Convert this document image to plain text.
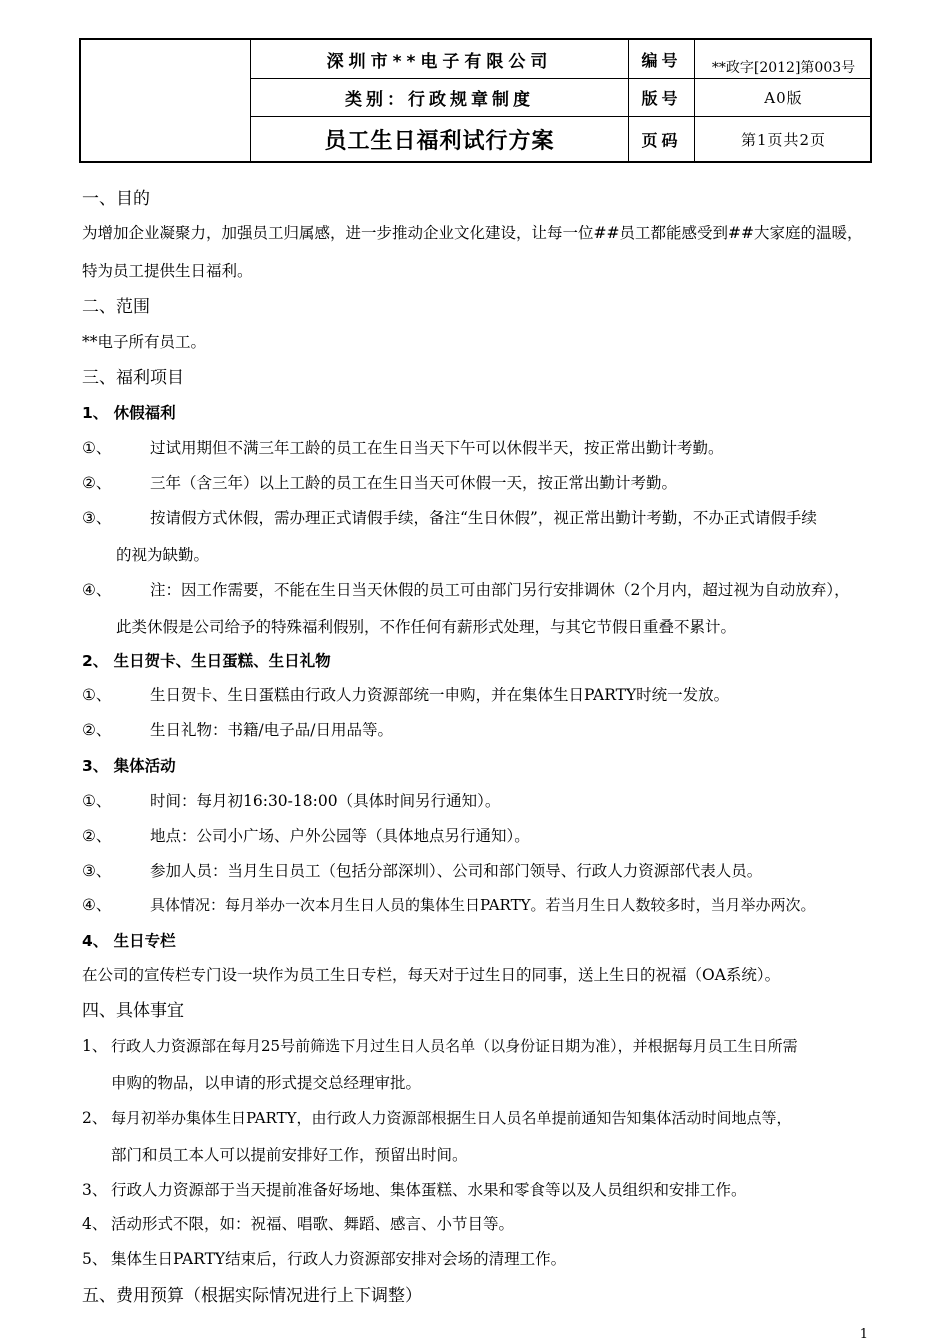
深圳市**电子有限公司
类别：行政规章制度
员工生日福利试行方案
编号
版号
页码
**政字[2012]第003号
A0版
第1页共2页
一、目的
为增加企业凝聚力，加强员工归属感，进一步推动企业文化建设，让每一位##员工都能感受到##大家庭的温暖，
特为员工提供生日福利。
二、范围
**电子所有员工。
三、福利项目
1、 休假福利
①、 过试用期但不满三年工龄的员工在生日当天下午可以休假半天，按正常出勤计考勤。
②、 三年（含三年）以上工龄的员工在生日当天可休假一天，按正常出勤计考勤。
③、 按请假方式休假，需办理正式请假手续，备注“生日休假”，视正常出勤计考勤，不办正式请假手续
的视为缺勤。
④、 注：因工作需要，不能在生日当天休假的员工可由部门另行安排调休（2个月内，超过视为自动放弃），
此类休假是公司给予的特殊福利假别，不作任何有薪形式处理，与其它节假日重叠不累计。
2、 生日贺卡、生日蛋糕、生日礼物
①、 生日贺卡、生日蛋糕由行政人力资源部统一申购，并在集体生日PARTY时统一发放。
②、 生日礼物：书籍/电子品/日用品等。
3、 集体活动
①、 时间：每月初16:30-18:00（具体时间另行通知）。
②、 地点：公司小广场、户外公园等（具体地点另行通知）。
③、 参加人员：当月生日员工（包括分部深圳）、公司和部门领导、行政人力资源部代表人员。
④、	具体情况：每月举办一次本月生日人员的集体生日PARTY。若当月生日人数较多时，当月举办两次。
4、 生日专栏
在公司的宣传栏专门设一块作为员工生日专栏，每天对于过生日的同事，送上生日的祝福（OA系统）。
四、具体事宜
1、 行政人力资源部在每月25号前筛选下月过生日人员名单（以身份证日期为准），并根据每月员工生日所需
申购的物品，以申请的形式提交总经理审批。
2、 每月初举办集体生日PARTY，由行政人力资源部根据生日人员名单提前通知告知集体活动时间地点等，
部门和员工本人可以提前安排好工作，预留出时间。
3、 行政人力资源部于当天提前准备好场地、集体蛋糕、水果和零食等以及人员组织和安排工作。
4、 活动形式不限，如：祝福、唱歌、舞蹈、感言、小节目等。
5、 集体生日PARTY结束后，行政人力资源部安排对会场的清理工作。
五、费用预算（根据实际情况进行上下调整）
1
